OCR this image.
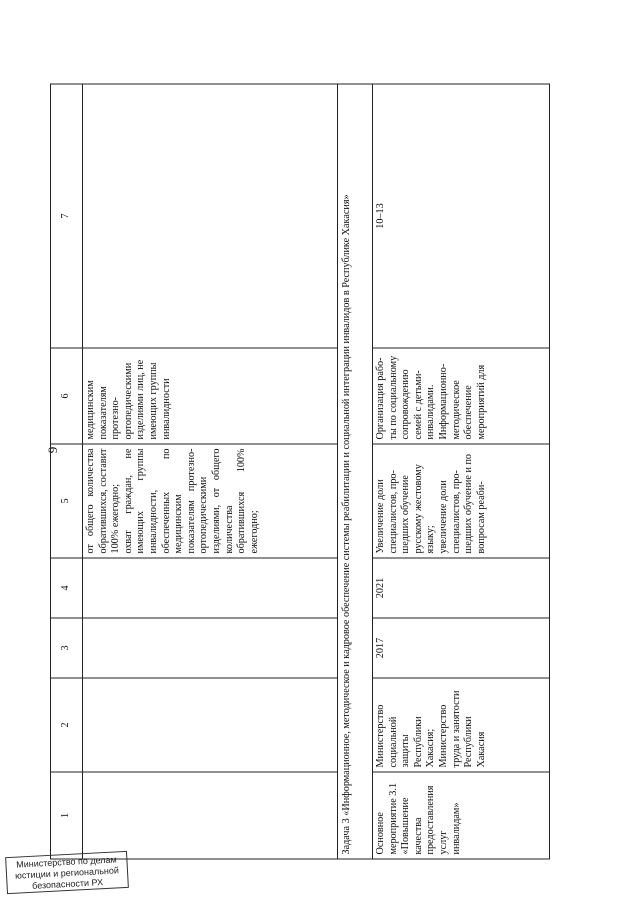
9
1	2	3	4	5	6	7

				от общего количества обратившихся, составит 100% ежегодно; охват граждан, не имеющих группы инвалидности, обеспеченных по медицинским показателям протезно-ортопедическими изделиями, от общего количества обратившихся 100% ежегодно;	медицинским показателям протезно-ортопедическими изделиями лиц, не имеющих группы инвалидности	

Задача 3 «Информационное, методическое и кадровое обеспечение системы реабилитации и социальной интеграции инвалидов в Республике Хакасия»						
Основное мероприятие 3.1 «Повышение качества предоставления услуг инвалидам»	Министерство социальной защиты Республики Хакасия; Министерство труда и занятости Республики Хакасия	2017	2021	Увеличение доли специалистов, про-шедших обучение русскому жестовому языку; увеличение доли специалистов, про-шедших обучение и по вопросам реаби-	Организация рабо-ты по социальному сопровождению семей с детьми-инвалидами. Информационно-методическое обеспечение мероприятий для	10–13
Министерство по делам
юстиции и региональной
безопасности РХ
